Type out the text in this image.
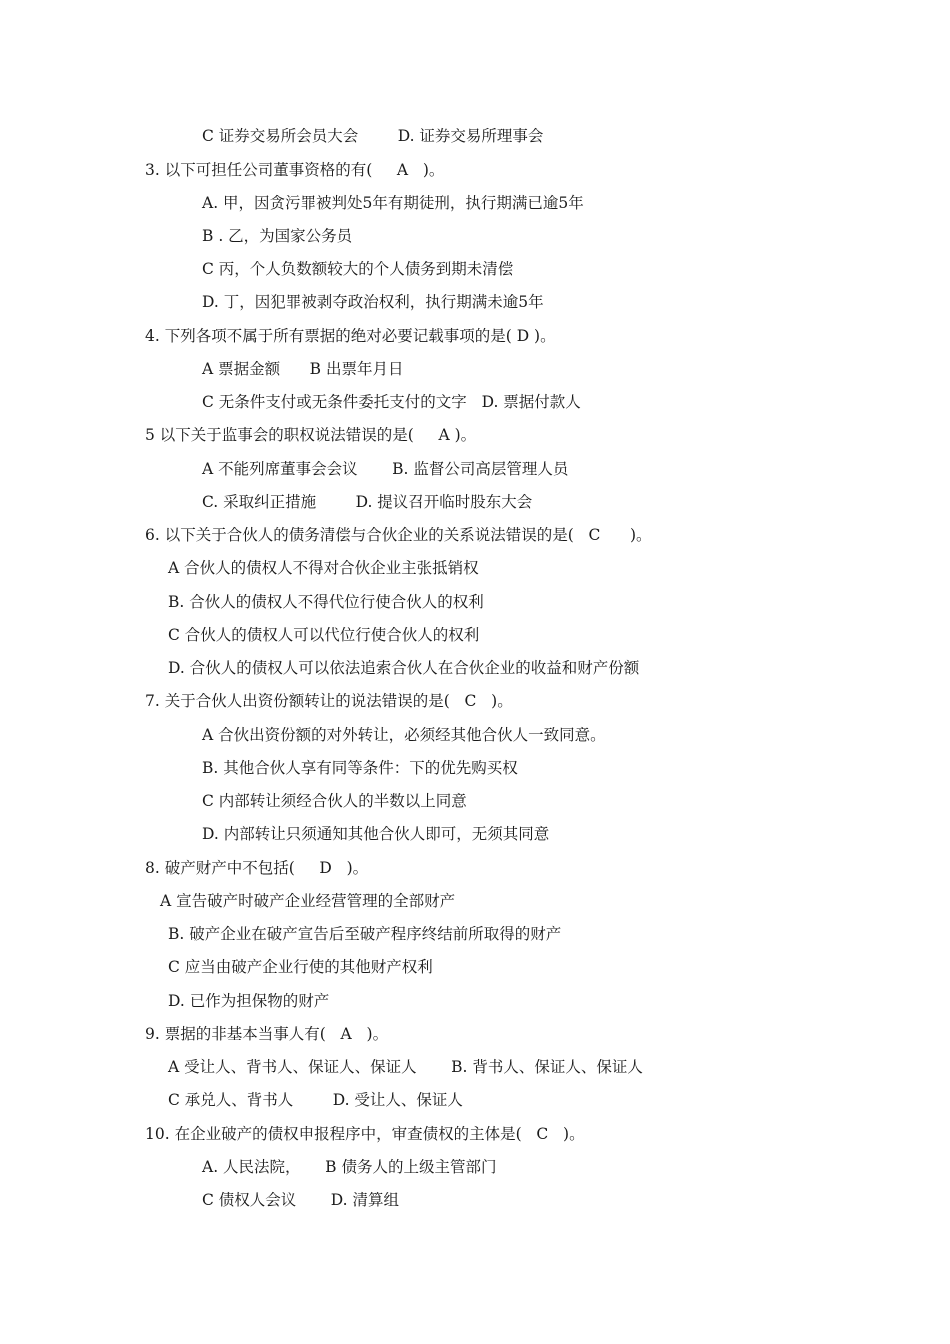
C 证券交易所会员大会        D. 证券交易所理事会
3. 以下可担任公司董事资格的有(     A   )。
A. 甲，因贪污罪被判处5年有期徒刑，执行期满已逾5年
B . 乙，为国家公务员
C 丙，个人负数额较大的个人债务到期未清偿
D. 丁，因犯罪被剥夺政治权利，执行期满未逾5年
4. 下列各项不属于所有票据的绝对必要记载事项的是( D )。
A 票据金额      B 出票年月日
C 无条件支付或无条件委托支付的文字   D. 票据付款人
5 以下关于监事会的职权说法错误的是(     A )。
A 不能列席董事会会议       B. 监督公司高层管理人员
C. 采取纠正措施        D. 提议召开临时股东大会
6. 以下关于合伙人的债务清偿与合伙企业的关系说法错误的是(   C      )。
A 合伙人的债权人不得对合伙企业主张抵销权
B. 合伙人的债权人不得代位行使合伙人的权利
C 合伙人的债权人可以代位行使合伙人的权利
D. 合伙人的债权人可以依法追索合伙人在合伙企业的收益和财产份额
7. 关于合伙人出资份额转让的说法错误的是(   C   )。
A 合伙出资份额的对外转让，必须经其他合伙人一致同意。
B. 其他合伙人享有同等条件：下的优先购买权
C 内部转让须经合伙人的半数以上同意
D. 内部转让只须通知其他合伙人即可，无须其同意
8. 破产财产中不包括(     D   )。
A 宣告破产时破产企业经营管理的全部财产
B. 破产企业在破产宣告后至破产程序终结前所取得的财产
C 应当由破产企业行使的其他财产权利
D. 已作为担保物的财产
9. 票据的非基本当事人有(   A   )。
A 受让人、背书人、保证人、保证人       B. 背书人、保证人、保证人
C 承兑人、背书人        D. 受让人、保证人
10. 在企业破产的债权申报程序中，审查债权的主体是(   C   )。
A. 人民法院，     B 债务人的上级主管部门
C 债权人会议       D. 清算组
